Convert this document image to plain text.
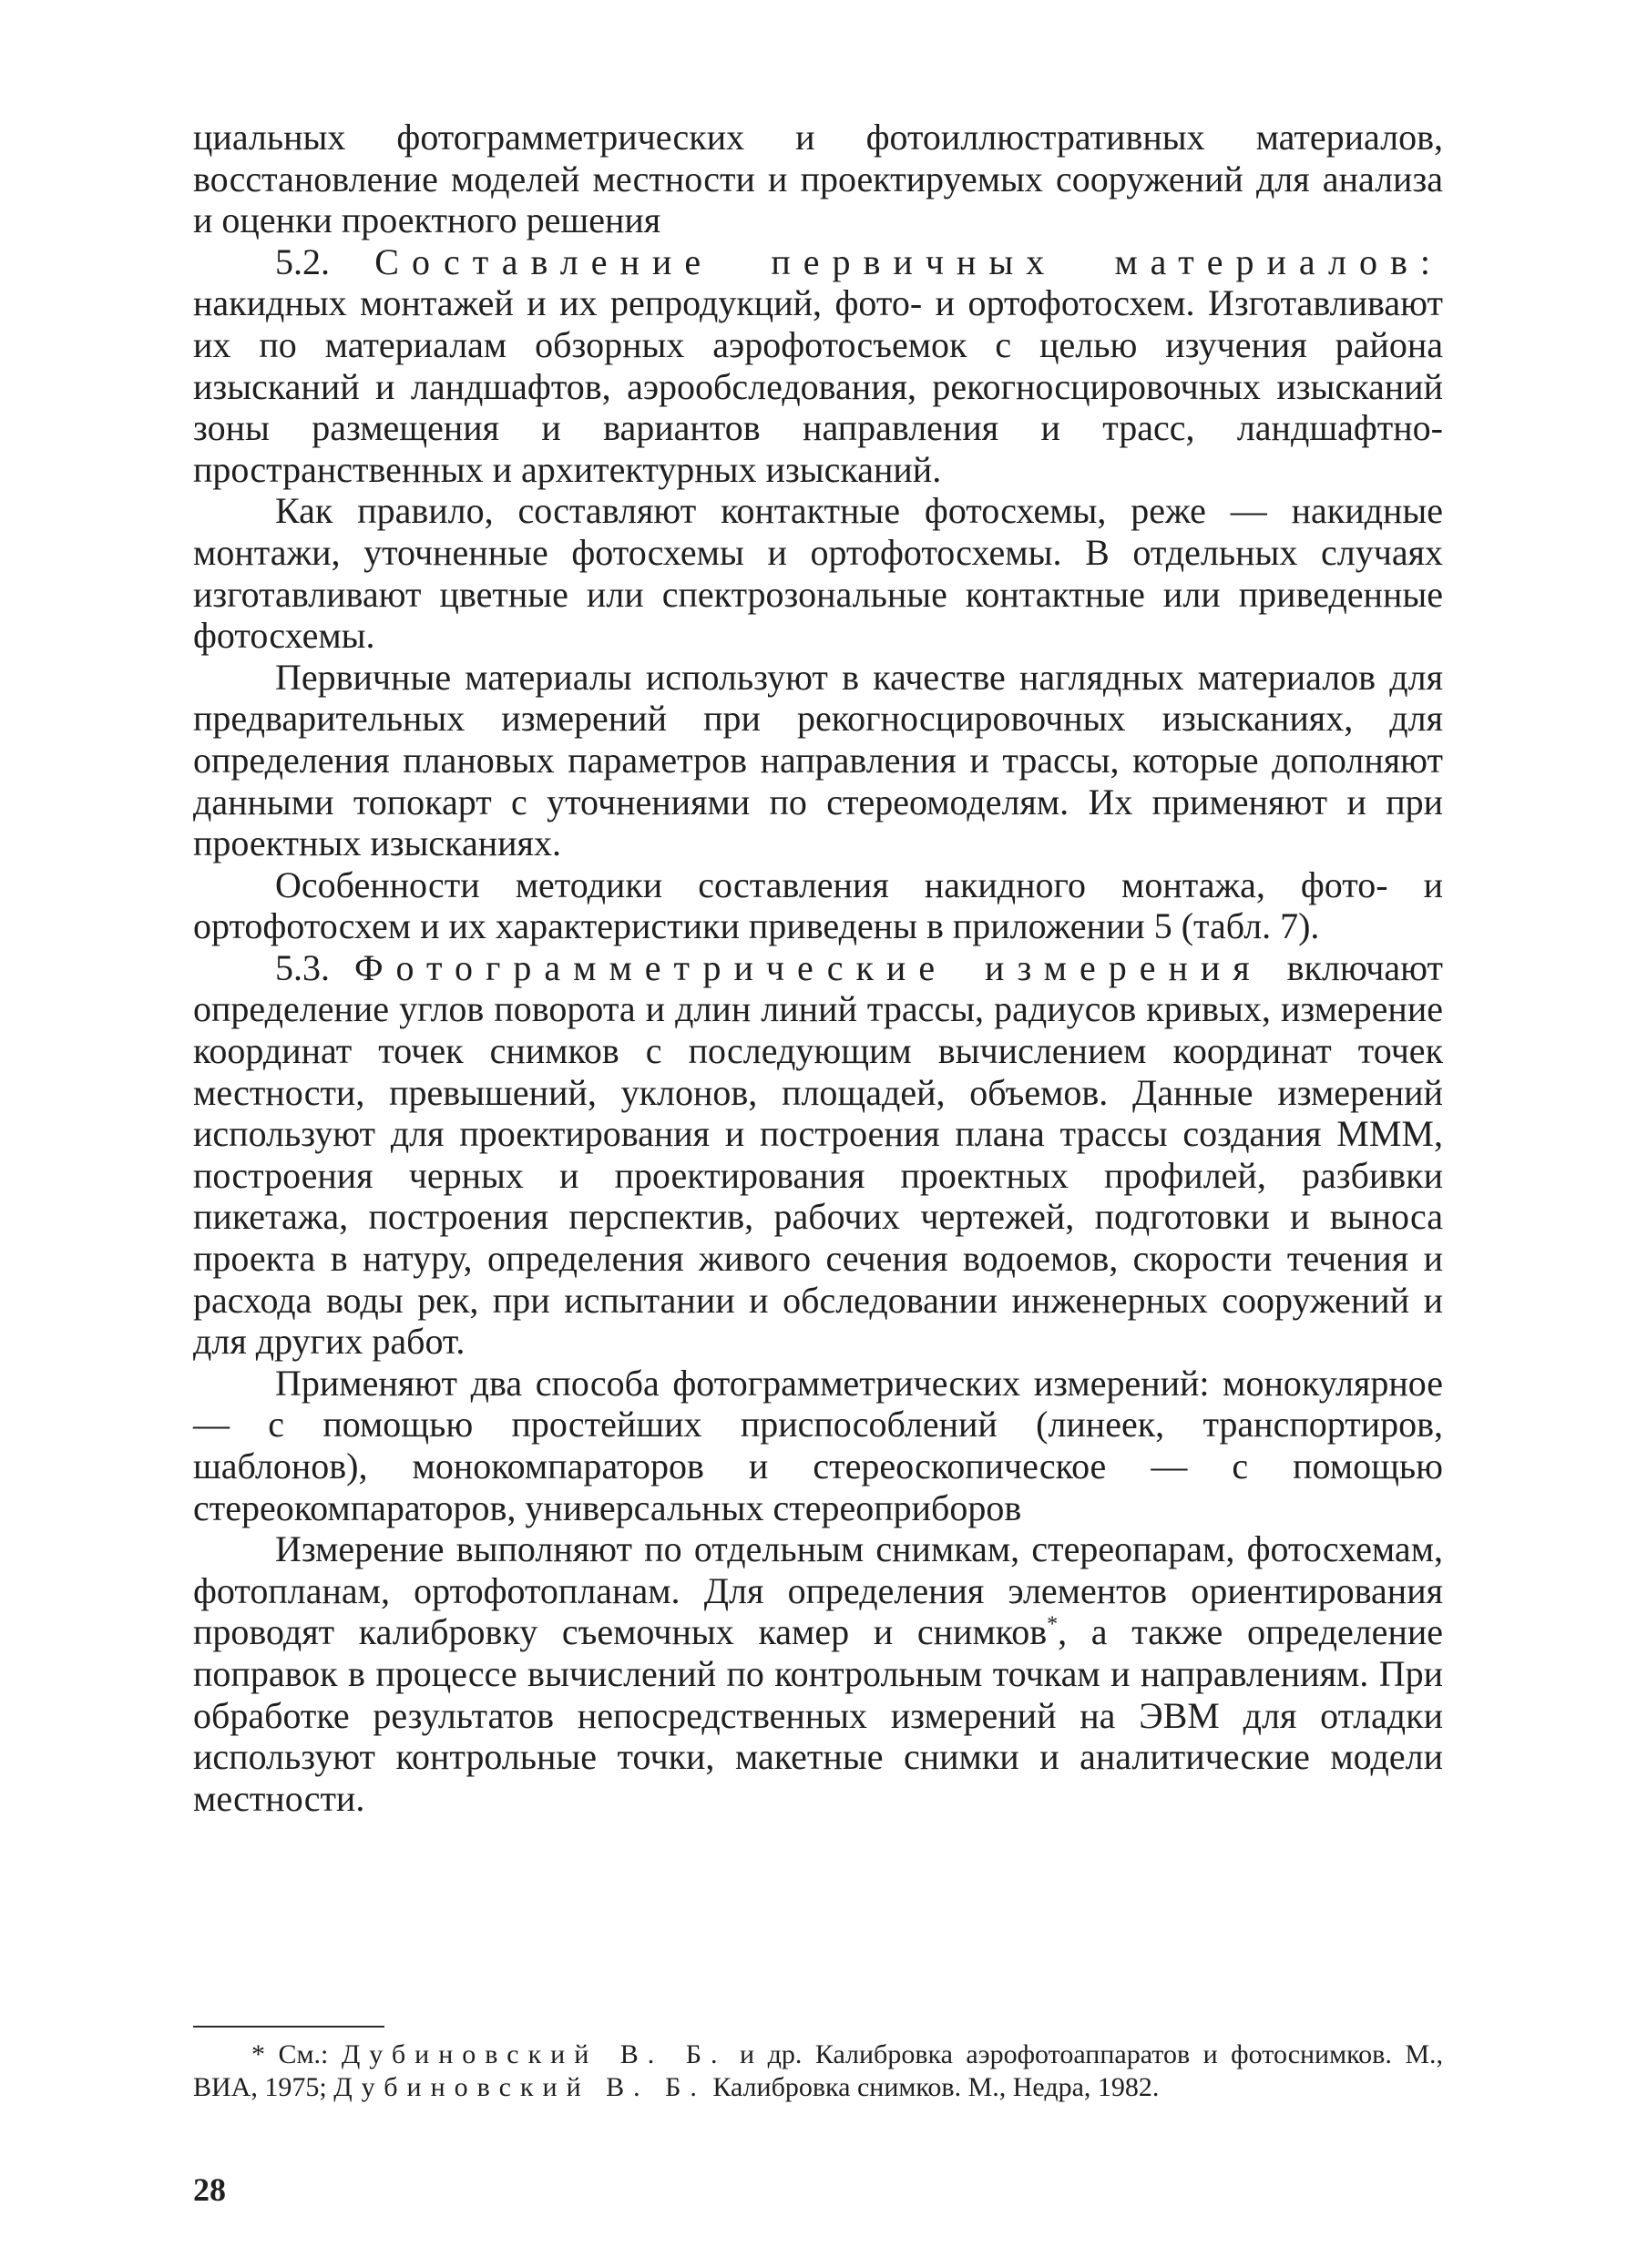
циальных фотограмметрических и фотоиллюстративных материалов, восстановление моделей местности и проектируемых сооружений для анализа и оценки проектного решения

5.2. Составление первичных материалов: накидных монтажей и их репродукций, фото- и ортофотосхем. Изготавливают их по материалам обзорных аэрофотосъемок с целью изучения района изысканий и ландшафтов, аэрообследования, рекогносцировочных изысканий зоны размещения и вариантов направления и трасс, ландшафтно-пространственных и архитектурных изысканий.

Как правило, составляют контактные фотосхемы, реже — накидные монтажи, уточненные фотосхемы и ортофотосхемы. В отдельных случаях изготавливают цветные или спектрозональные контактные или приведенные фотосхемы.

Первичные материалы используют в качестве наглядных материалов для предварительных измерений при рекогносцировочных изысканиях, для определения плановых параметров направления и трассы, которые дополняют данными топокарт с уточнениями по стереомоделям. Их применяют и при проектных изысканиях.

Особенности методики составления накидного монтажа, фото- и ортофотосхем и их характеристики приведены в приложении 5 (табл. 7).

5.3. Фотограмметрические измерения включают определение углов поворота и длин линий трассы, радиусов кривых, измерение координат точек снимков с последующим вычислением координат точек местности, превышений, уклонов, площадей, объемов. Данные измерений используют для проектирования и построения плана трассы создания МММ, построения черных и проектирования проектных профилей, разбивки пикетажа, построения перспектив, рабочих чертежей, подготовки и выноса проекта в натуру, определения живого сечения водоемов, скорости течения и расхода воды рек, при испытании и обследовании инженерных сооружений и для других работ.

Применяют два способа фотограмметрических измерений: монокулярное — с помощью простейших приспособлений (линеек, транспортиров, шаблонов), монокомпараторов и стереоскопическое — с помощью стереокомпараторов, универсальных стереоприборов

Измерение выполняют по отдельным снимкам, стереопарам, фотосхемам, фотопланам, ортофотопланам. Для определения элементов ориентирования проводят калибровку съемочных камер и снимков*, а также определение поправок в процессе вычислений по контрольным точкам и направлениям. При обработке результатов непосредственных измерений на ЭВМ для отладки используют контрольные точки, макетные снимки и аналитические модели местности.

* См.: Дубиновский В. Б. и др. Калибровка аэрофотоаппаратов и фотоснимков. М., ВИА, 1975; Дубиновский В. Б. Калибровка снимков. М., Недра, 1982.

28
